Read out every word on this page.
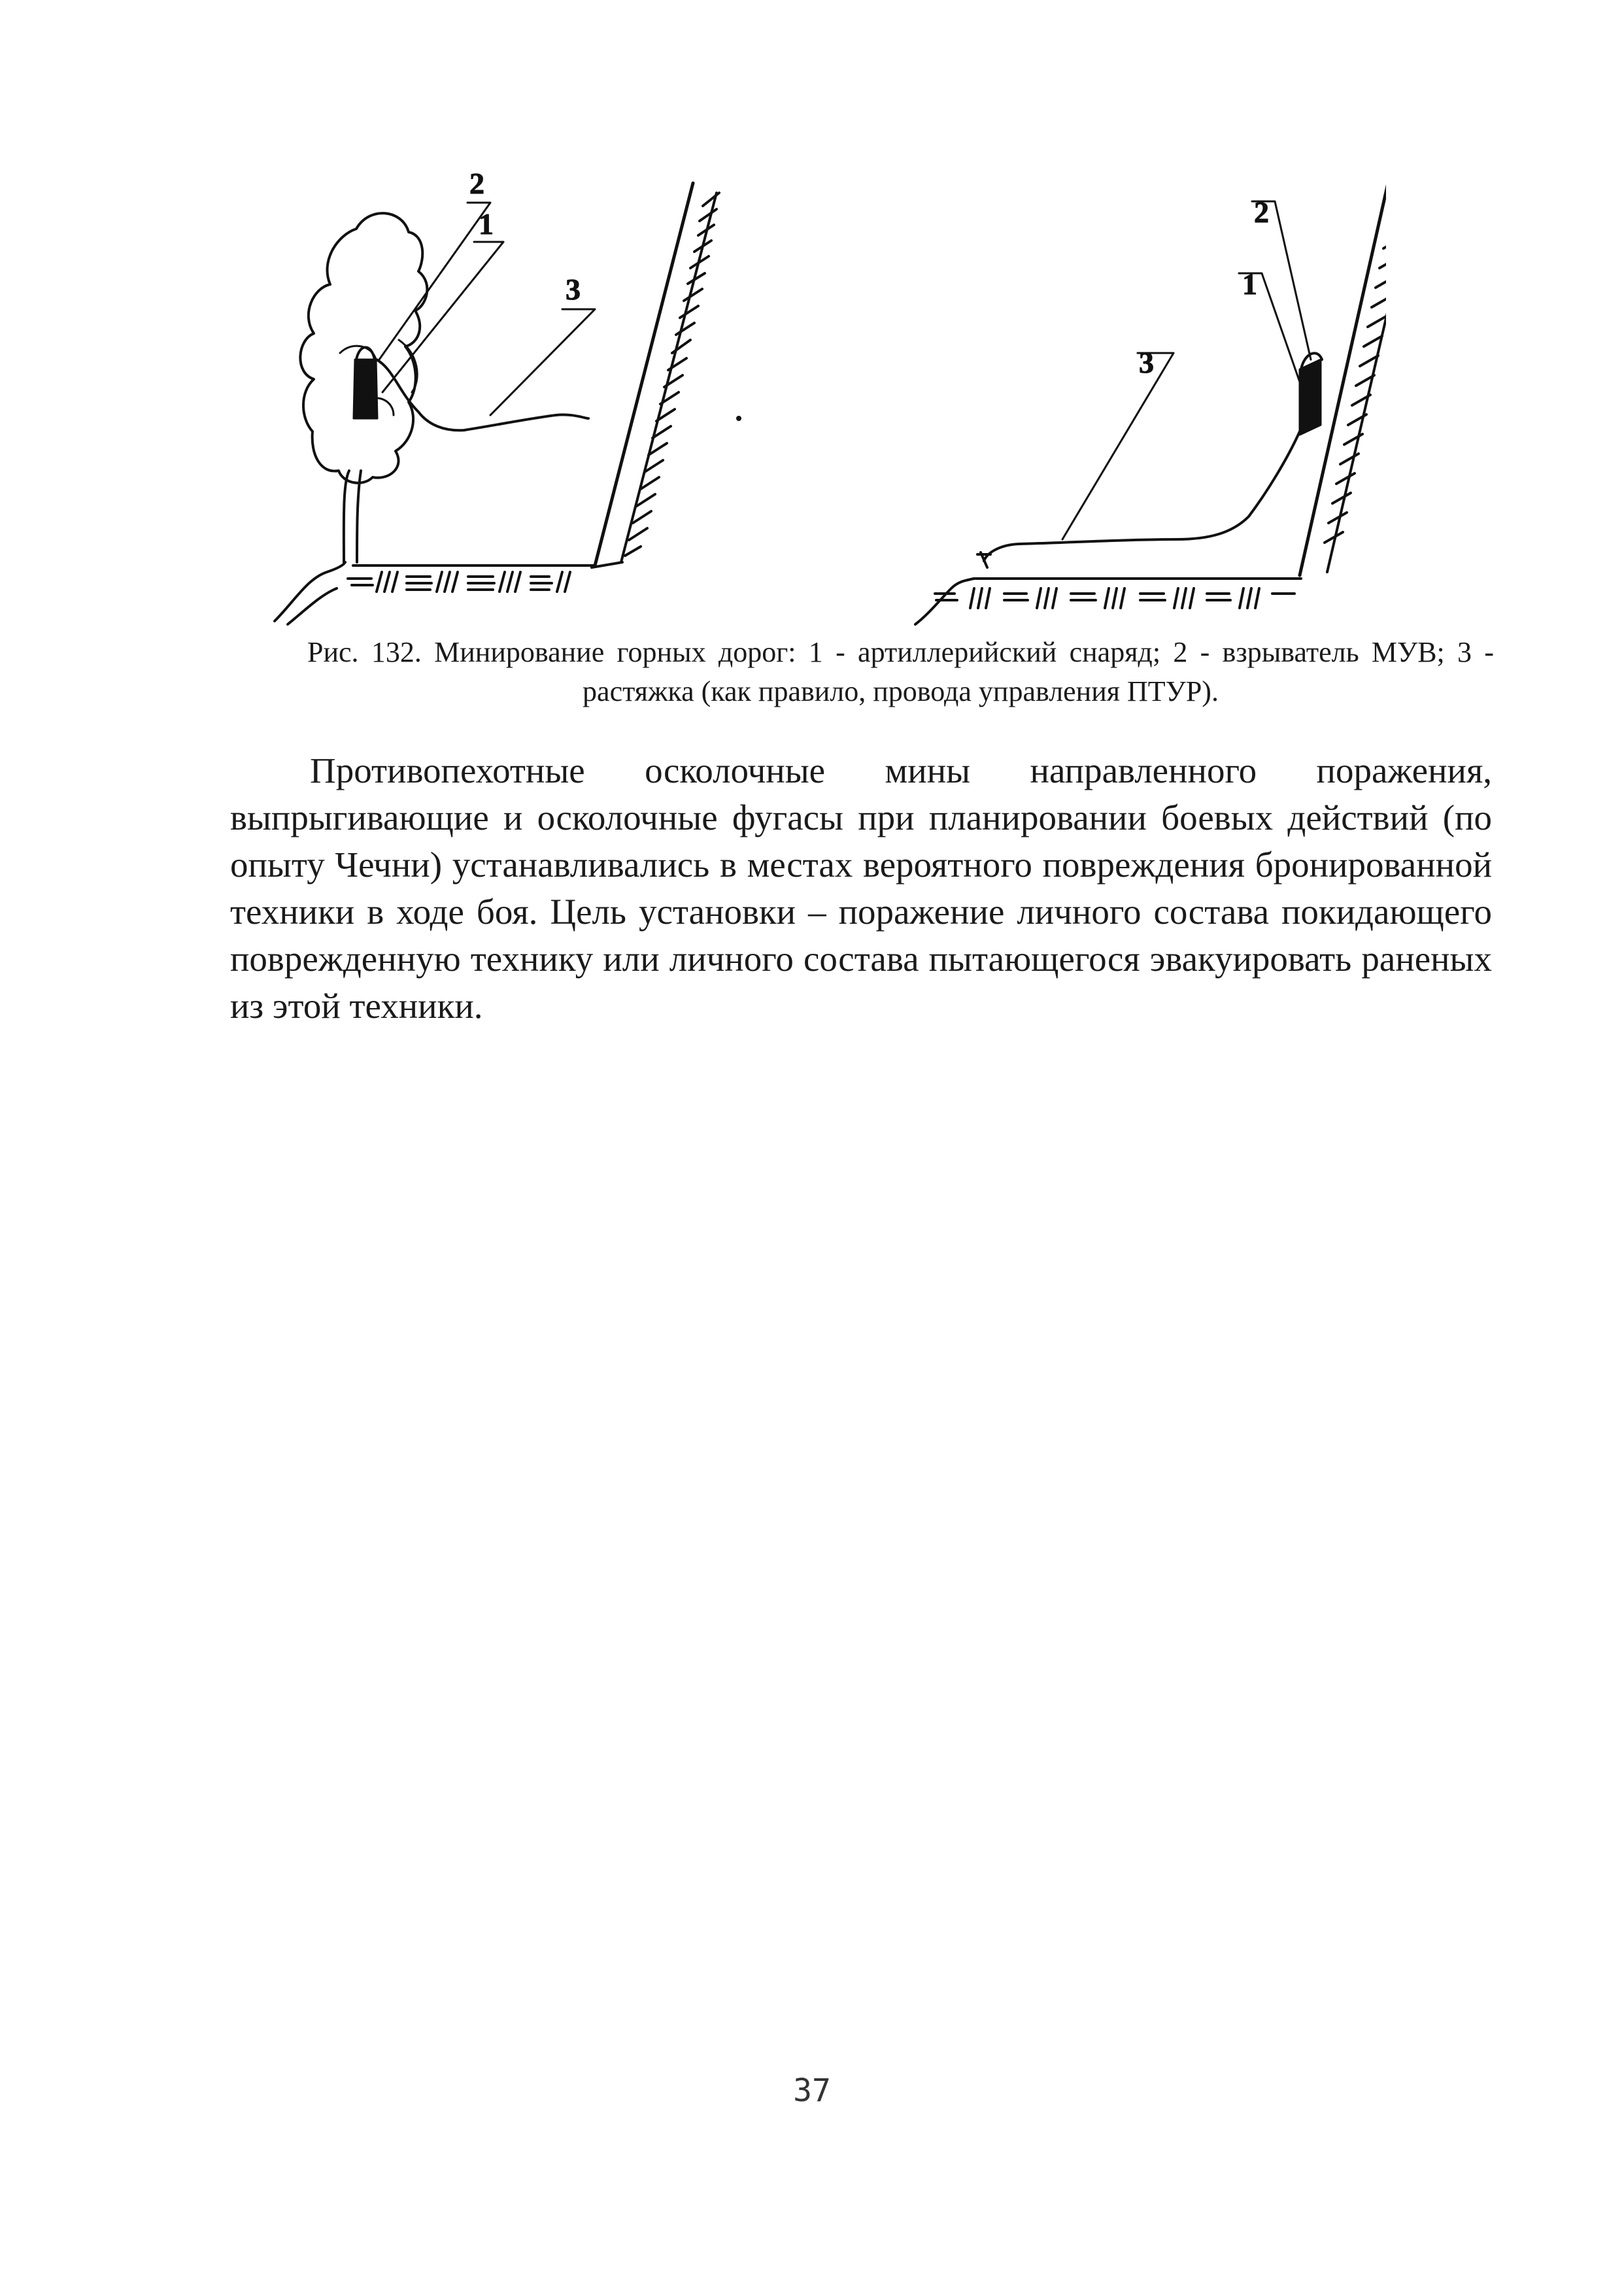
2
1
3
2
1
3
Рис. 132. Минирование горных дорог: 1 - артиллерийский снаряд; 2 - взрыватель МУВ; 3 - растяжка (как правило, провода управления ПТУР).
Противопехотные осколочные мины направленного поражения, выпрыгивающие и осколочные фугасы при планировании боевых действий (по опыту Чечни) устанавливались в местах вероятного повреждения бронированной техники в ходе боя. Цель установки – поражение личного состава покидающего поврежденную технику или личного состава пытающегося эвакуировать раненых из этой техники.
37
